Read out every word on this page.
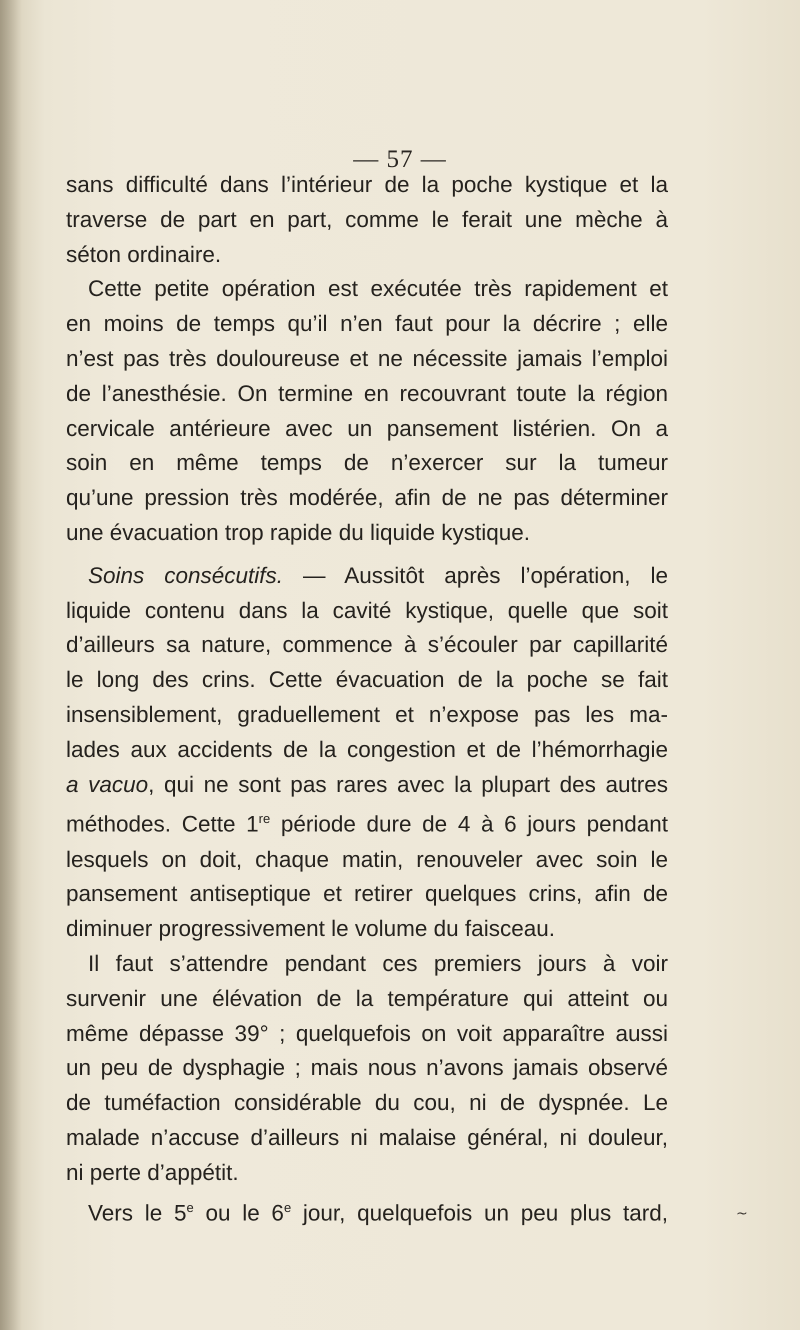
— 57 —
sans difficulté dans l’intérieur de la poche kystique et la
traverse de part en part, comme le ferait une mèche à
séton ordinaire.
Cette petite opération est exécutée très rapidement et
en moins de temps qu’il n’en faut pour la décrire ; elle
n’est pas très douloureuse et ne nécessite jamais l’emploi
de l’anesthésie. On termine en recouvrant toute la région
cervicale antérieure avec un pansement listérien. On a
soin en même temps de n’exercer sur la tumeur
qu’une pression très modérée, afin de ne pas déterminer
une évacuation trop rapide du liquide kystique.
Soins consécutifs. — Aussitôt après l’opération, le
liquide contenu dans la cavité kystique, quelle que soit
d’ailleurs sa nature, commence à s’écouler par capillarité
le long des crins. Cette évacuation de la poche se fait
insensiblement, graduellement et n’expose pas les ma-
lades aux accidents de la congestion et de l’hémorrhagie
a vacuo, qui ne sont pas rares avec la plupart des autres
méthodes. Cette 1re période dure de 4 à 6 jours pendant
lesquels on doit, chaque matin, renouveler avec soin le
pansement antiseptique et retirer quelques crins, afin de
diminuer progressivement le volume du faisceau.
Il faut s’attendre pendant ces premiers jours à voir
survenir une élévation de la température qui atteint ou
même dépasse 39° ; quelquefois on voit apparaître aussi
un peu de dysphagie ; mais nous n’avons jamais observé
de tuméfaction considérable du cou, ni de dyspnée. Le
malade n’accuse d’ailleurs ni malaise général, ni douleur,
ni perte d’appétit.
Vers le 5e ou le 6e jour, quelquefois un peu plus tard,	~
